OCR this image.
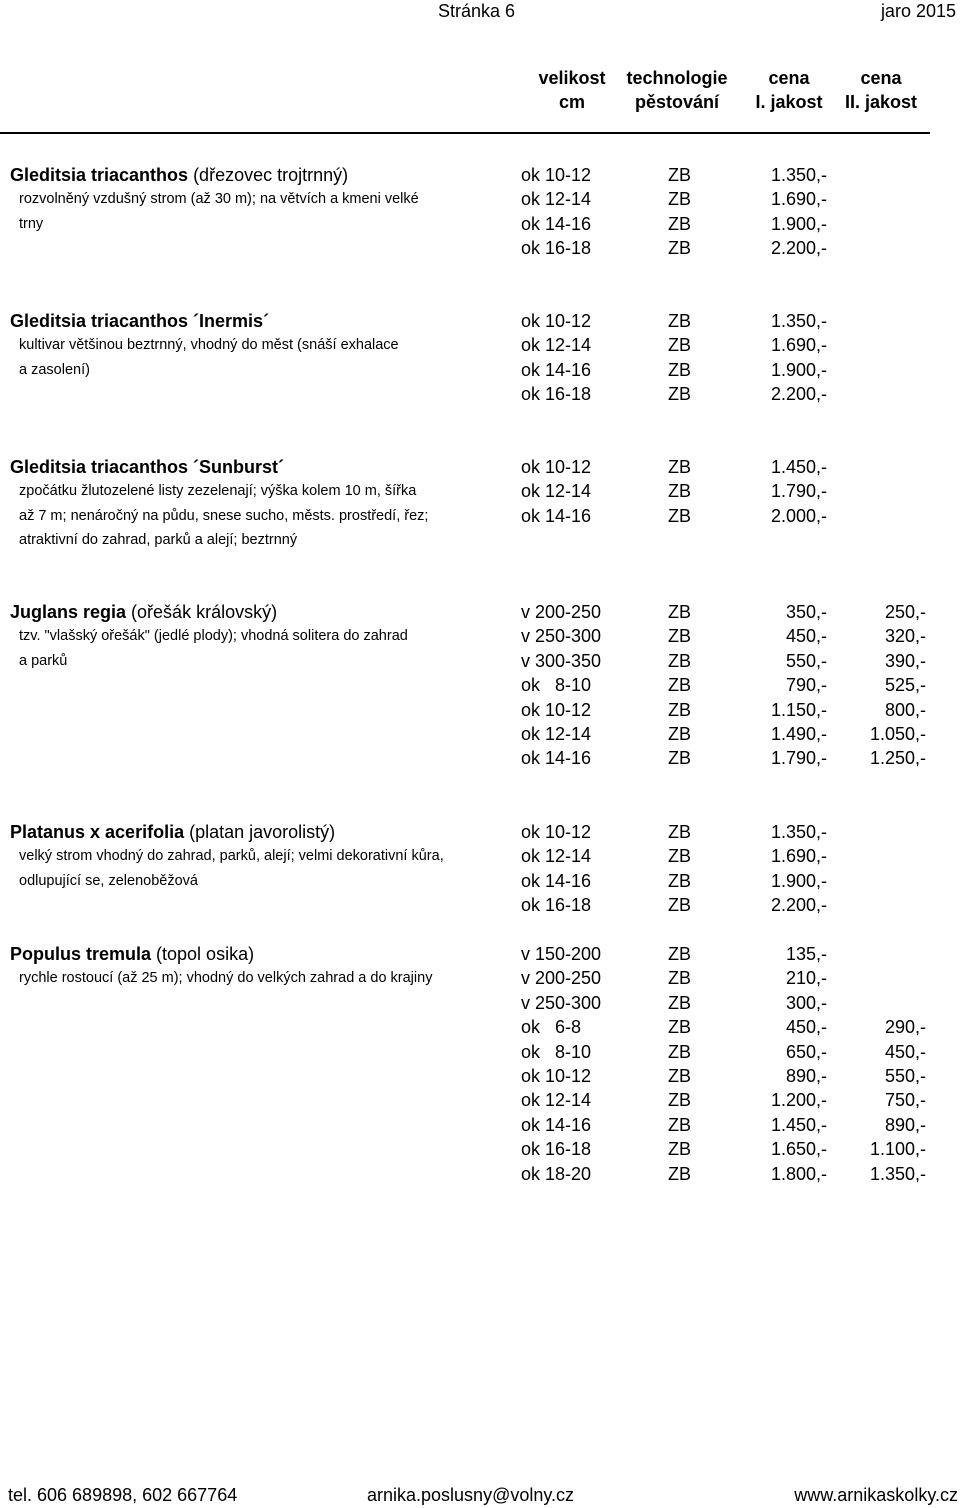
Stránka 6	jaro 2015
velikost
cm
technologie
pěstování
cena
I. jakost
cena
II. jakost
Gleditsia triacanthos (dřezovec trojtrnný)
rozvolněný vzdušný strom (až 30 m); na větvích a kmeni velké
trny
ok 10-12	ZB	1.350,-
ok 12-14	ZB	1.690,-
ok 14-16	ZB	1.900,-
ok 16-18	ZB	2.200,-
Gleditsia triacanthos ´Inermis´
kultivar většinou beztrnný, vhodný do měst (snáší exhalace
a zasolení)
ok 10-12	ZB	1.350,-
ok 12-14	ZB	1.690,-
ok 14-16	ZB	1.900,-
ok 16-18	ZB	2.200,-
Gleditsia triacanthos ´Sunburst´
zpočátku žlutozelené listy zezelenají; výška kolem 10 m, šířka
až 7 m; nenáročný na půdu, snese sucho, městs. prostředí, řez;
atraktivní do zahrad, parků a alejí; beztrnný
ok 10-12	ZB	1.450,-
ok 12-14	ZB	1.790,-
ok 14-16	ZB	2.000,-
Juglans regia (ořešák královský)
tzv. "vlašský ořešák" (jedlé plody); vhodná solitera do zahrad
a parků
v 200-250	ZB	350,-	250,-
v 250-300	ZB	450,-	320,-
v 300-350	ZB	550,-	390,-
ok   8-10	ZB	790,-	525,-
ok 10-12	ZB	1.150,-	800,-
ok 12-14	ZB	1.490,- 1.050,-
ok 14-16	ZB	1.790,- 1.250,-
Platanus x acerifolia (platan javorolistý)
velký strom vhodný do zahrad, parků, alejí; velmi dekorativní kůra,
odlupující se, zelenoběžová
ok 10-12	ZB	1.350,-
ok 12-14	ZB	1.690,-
ok 14-16	ZB	1.900,-
ok 16-18	ZB	2.200,-
Populus tremula (topol osika)
rychle rostoucí (až 25 m); vhodný do velkých zahrad a do krajiny
v 150-200	ZB	135,-
v 200-250	ZB	210,-
v 250-300	ZB	300,-
ok   6-8	ZB	450,-	290,-
ok   8-10	ZB	650,-	450,-
ok 10-12	ZB	890,-	550,-
ok 12-14	ZB	1.200,-	750,-
ok 14-16	ZB	1.450,-	890,-
ok 16-18	ZB	1.650,- 1.100,-
ok 18-20	ZB	1.800,- 1.350,-
tel. 606 689898, 602 667764	arnika.poslusny@volny.cz	www.arnikaskolky.cz
